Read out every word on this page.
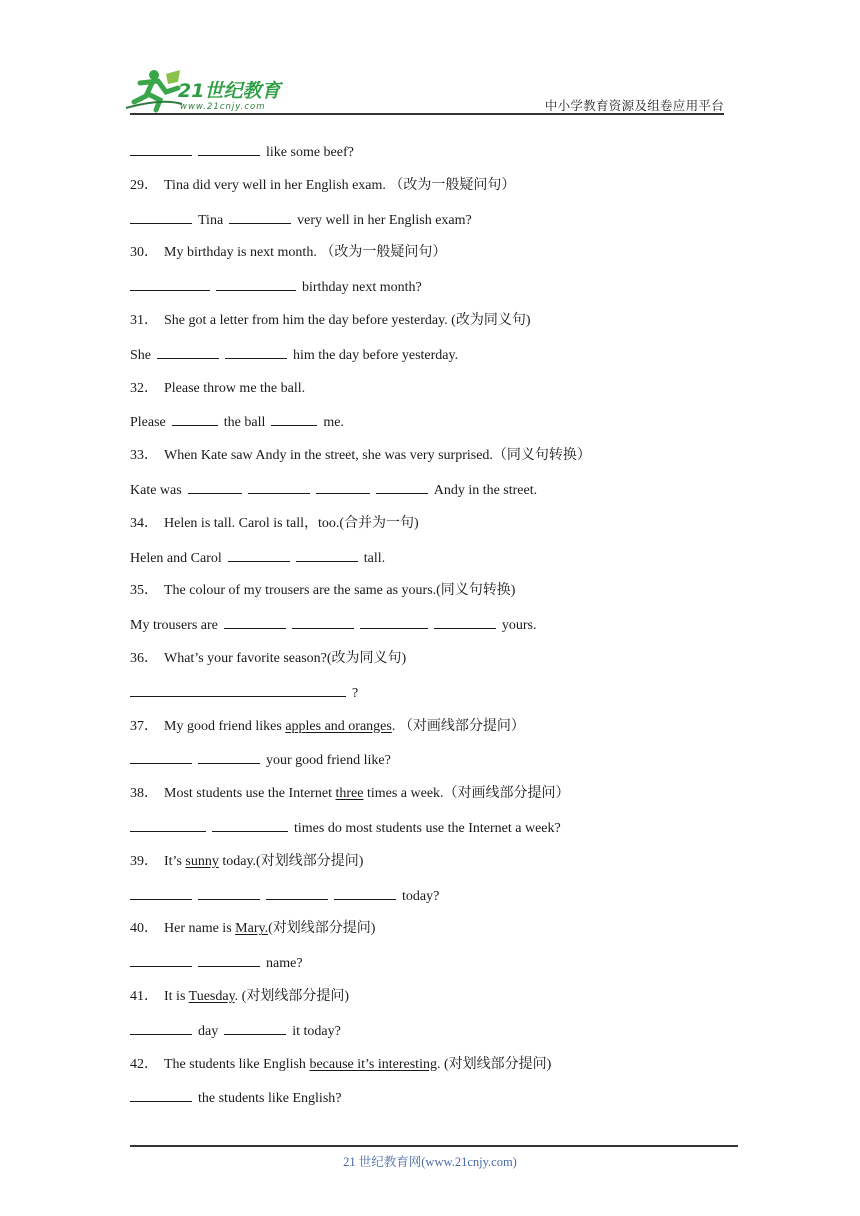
21世纪教育
www.21cnjy.com	中小学教育资源及组卷应用平台
like some beef?
29． Tina did very well in her English exam. （改为一般疑问句）
Tina	very well in her English exam?
30． My birthday is next month. （改为一般疑问句）
birthday next month?
31． She got a letter from him the day before yesterday. (改为同义句)
She	him the day before yesterday.
32． Please throw me the ball.
Please	the ball	me.
33． When Kate saw Andy in the street, she was very surprised.（同义句转换）
Kate was	Andy in the street.
34． Helen is tall. Carol is tall，too.(合并为一句)
Helen and Carol	tall.
35． The colour of my trousers are the same as yours.(同义句转换)
My trousers are	yours.
36． What’s your favorite season?(改为同义句)
?
37． My good friend likes apples and oranges. （对画线部分提问）
your good friend like?
38． Most students use the Internet three times a week.（对画线部分提问）
times do most students use the Internet a week?
39． It’s sunny today.(对划线部分提问)
today?
40． Her name is Mary.(对划线部分提问)
name?
41． It is Tuesday. (对划线部分提问)
day	it today?
42． The students like English because it’s interesting. (对划线部分提问)
the students like English?
21 世纪教育网(www.21cnjy.com)
